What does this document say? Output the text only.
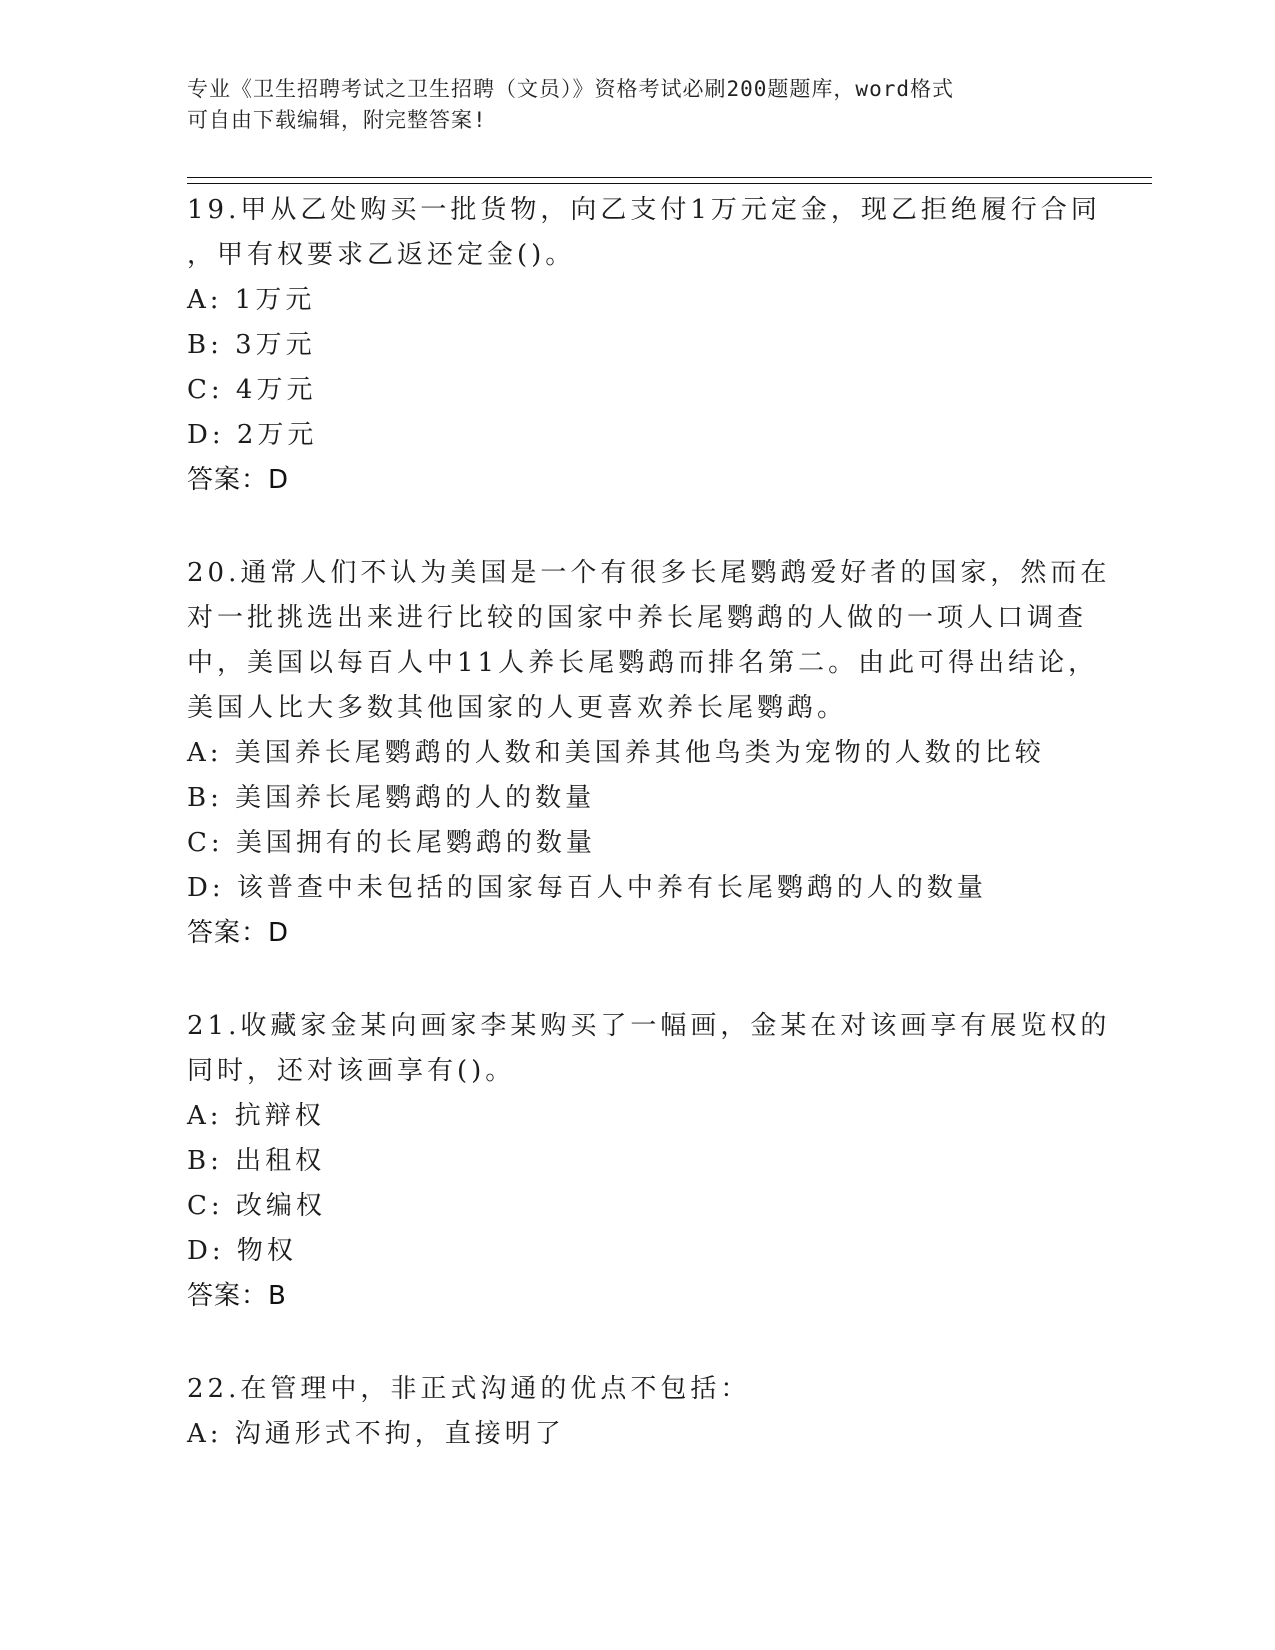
专业《卫生招聘考试之卫生招聘（文员）》资格考试必刷200题题库，word格式
可自由下载编辑，附完整答案!
19.甲从乙处购买一批货物，向乙支付1万元定金，现乙拒绝履行合同
，甲有权要求乙返还定金()。
A: 1万元
B: 3万元
C: 4万元
D: 2万元
答案：D
20.通常人们不认为美国是一个有很多长尾鹦鹉爱好者的国家，然而在
对一批挑选出来进行比较的国家中养长尾鹦鹉的人做的一项人口调查
中，美国以每百人中11人养长尾鹦鹉而排名第二。由此可得出结论，
美国人比大多数其他国家的人更喜欢养长尾鹦鹉。
A: 美国养长尾鹦鹉的人数和美国养其他鸟类为宠物的人数的比较
B: 美国养长尾鹦鹉的人的数量
C: 美国拥有的长尾鹦鹉的数量
D: 该普查中未包括的国家每百人中养有长尾鹦鹉的人的数量
答案：D
21.收藏家金某向画家李某购买了一幅画，金某在对该画享有展览权的
同时，还对该画享有()。
A: 抗辩权
B: 出租权
C: 改编权
D: 物权
答案：B
22.在管理中，非正式沟通的优点不包括：
A: 沟通形式不拘，直接明了
